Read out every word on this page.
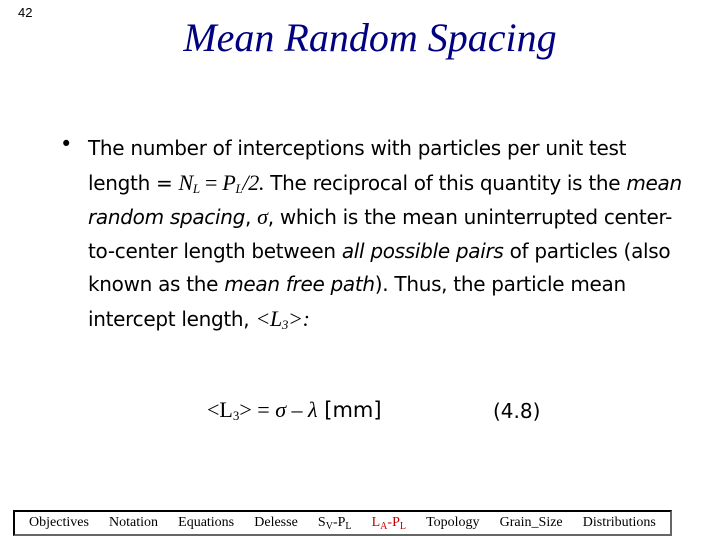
42
Mean Random Spacing
• The number of interceptions with particles per unit test length = $N_L = P_L/2$. The reciprocal of this quantity is the mean random spacing, σ, which is the mean uninterrupted center-to-center length between all possible pairs of particles (also known as the mean free path). Thus, the particle mean intercept length, $<L_3>$:
$<L_3> = \sigma - \lambda$ [mm]	(4.8)
Objectives Notation Equations Delesse $S_V-P_L$ $L_A-P_L$ Topology Grain_Size Distributions
